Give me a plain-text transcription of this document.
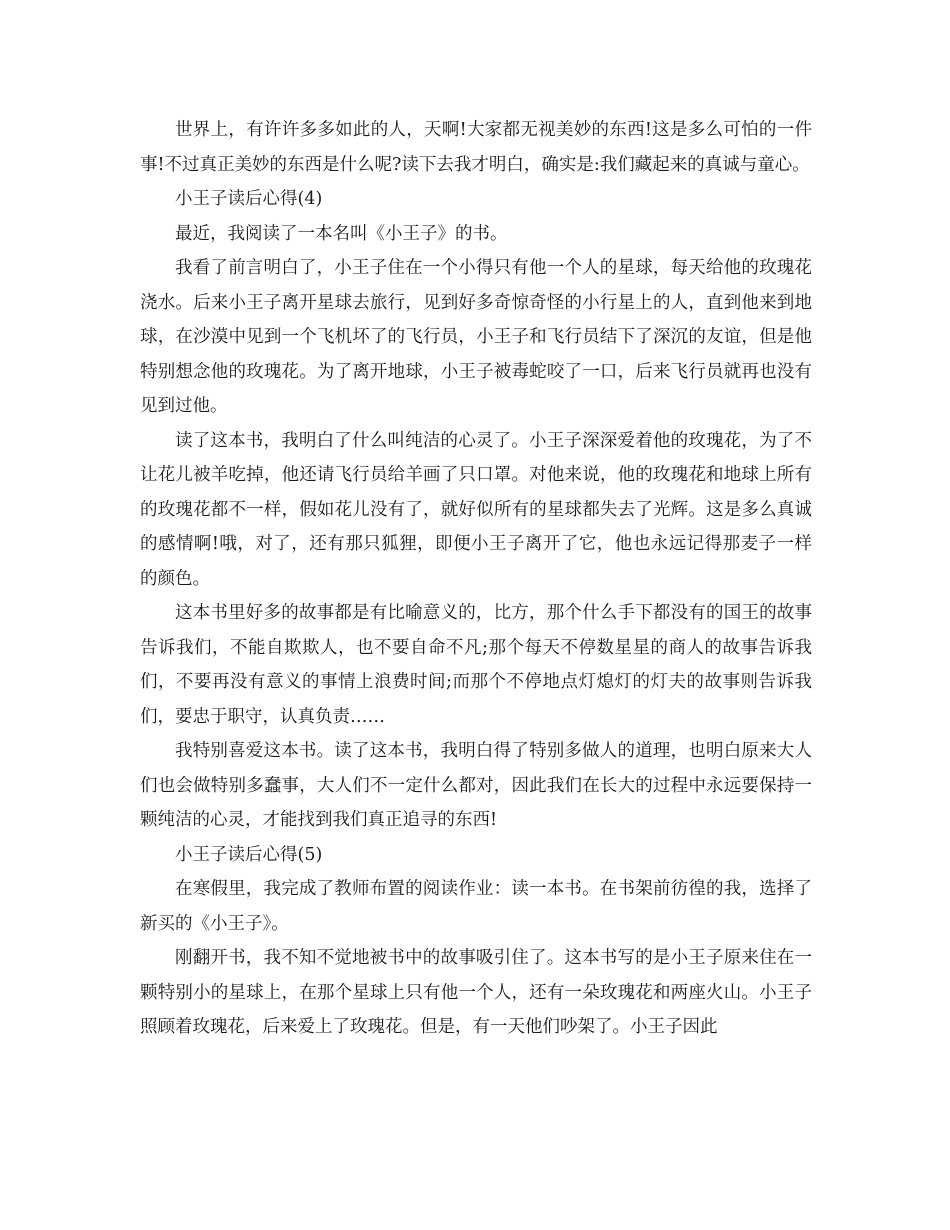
世界上，有许许多多如此的人，天啊!大家都无视美妙的东西!这是多么可怕的一件事!不过真正美妙的东西是什么呢?读下去我才明白，确实是:我们藏起来的真诚与童心。

小王子读后心得(4)

最近，我阅读了一本名叫《小王子》的书。

我看了前言明白了，小王子住在一个小得只有他一个人的星球，每天给他的玫瑰花浇水。后来小王子离开星球去旅行，见到好多奇惊奇怪的小行星上的人，直到他来到地球，在沙漠中见到一个飞机坏了的飞行员，小王子和飞行员结下了深沉的友谊，但是他特别想念他的玫瑰花。为了离开地球，小王子被毒蛇咬了一口，后来飞行员就再也没有见到过他。

读了这本书，我明白了什么叫纯洁的心灵了。小王子深深爱着他的玫瑰花，为了不让花儿被羊吃掉，他还请飞行员给羊画了只口罩。对他来说，他的玫瑰花和地球上所有的玫瑰花都不一样，假如花儿没有了，就好似所有的星球都失去了光辉。这是多么真诚的感情啊!哦，对了，还有那只狐狸，即便小王子离开了它，他也永远记得那麦子一样的颜色。

这本书里好多的故事都是有比喻意义的，比方，那个什么手下都没有的国王的故事告诉我们，不能自欺欺人，也不要自命不凡;那个每天不停数星星的商人的故事告诉我们，不要再没有意义的事情上浪费时间;而那个不停地点灯熄灯的灯夫的故事则告诉我们，要忠于职守，认真负责……

我特别喜爱这本书。读了这本书，我明白得了特别多做人的道理，也明白原来大人们也会做特别多蠢事，大人们不一定什么都对，因此我们在长大的过程中永远要保持一颗纯洁的心灵，才能找到我们真正追寻的东西!

小王子读后心得(5)

在寒假里，我完成了教师布置的阅读作业：读一本书。在书架前彷徨的我，选择了新买的《小王子》。

刚翻开书，我不知不觉地被书中的故事吸引住了。这本书写的是小王子原来住在一颗特别小的星球上，在那个星球上只有他一个人，还有一朵玫瑰花和两座火山。小王子照顾着玫瑰花，后来爱上了玫瑰花。但是，有一天他们吵架了。小王子因此
